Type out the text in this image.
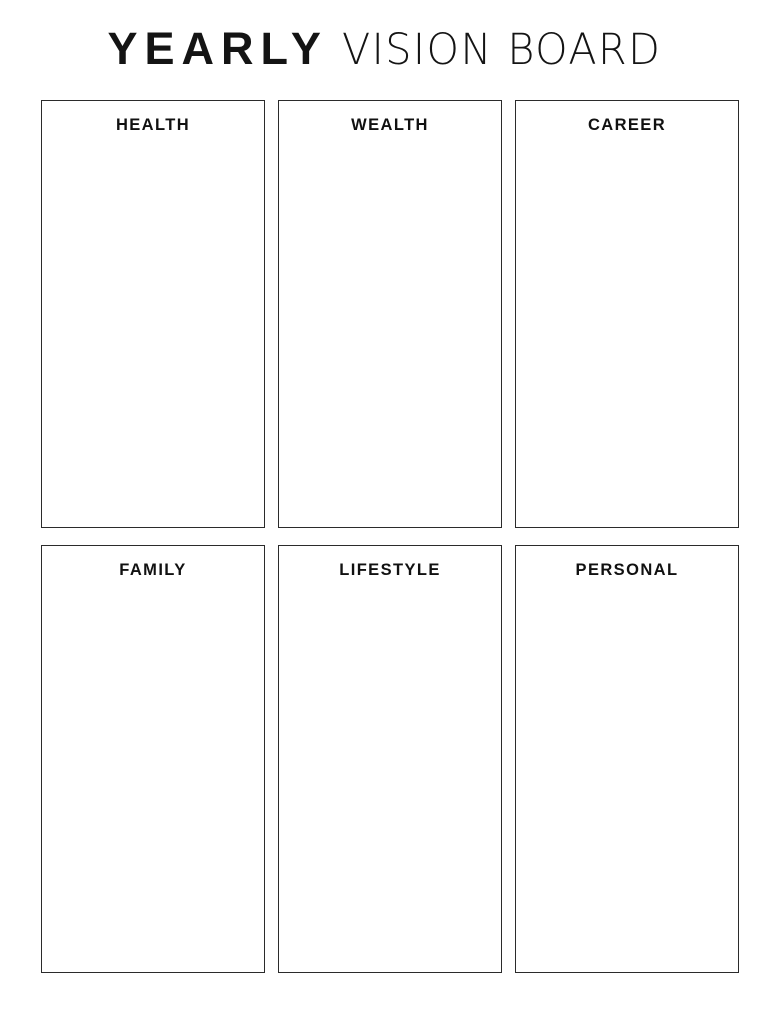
YEARLY VISION BOARD
HEALTH	WEALTH	CAREER
FAMILY	LIFESTYLE	PERSONAL
